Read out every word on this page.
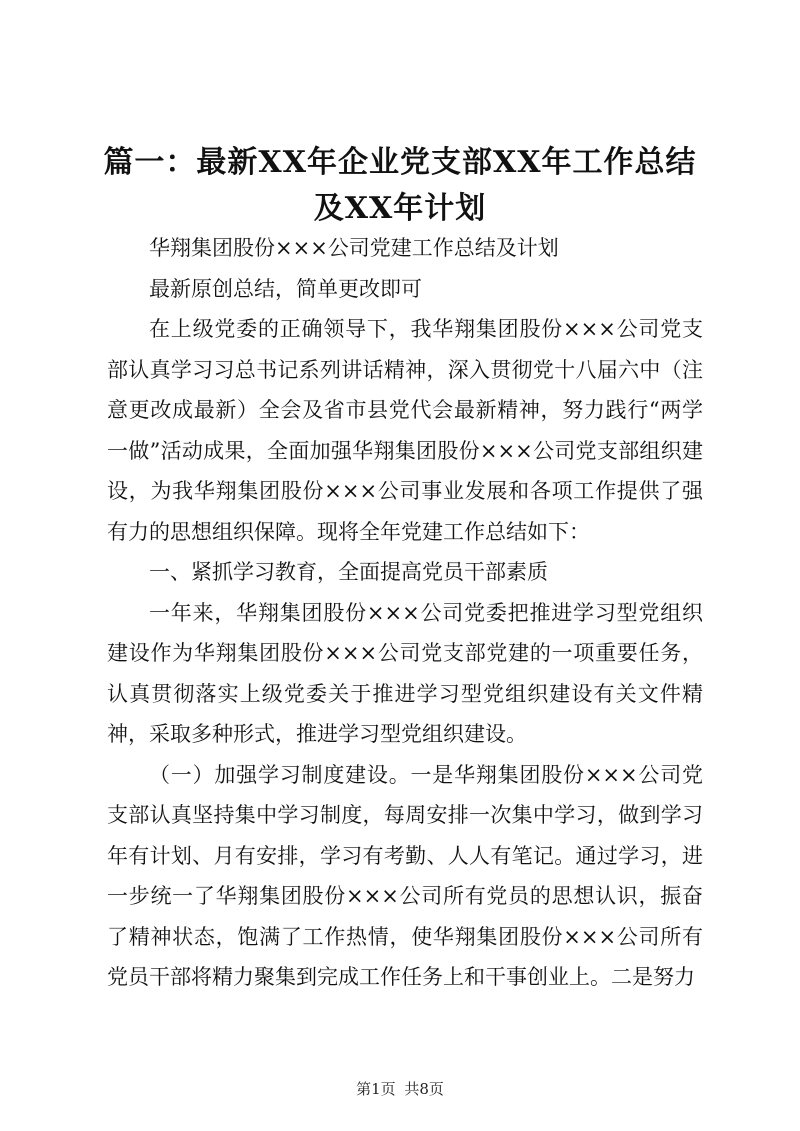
篇一：最新XX年企业党支部XX年工作总结及XX年计划

华翔集团股份×××公司党建工作总结及计划

最新原创总结，简单更改即可

在上级党委的正确领导下，我华翔集团股份×××公司党支部认真学习习总书记系列讲话精神，深入贯彻党十八届六中（注意更改成最新）全会及省市县党代会最新精神，努力践行“两学一做”活动成果，全面加强华翔集团股份×××公司党支部组织建设，为我华翔集团股份×××公司事业发展和各项工作提供了强有力的思想组织保障。现将全年党建工作总结如下：

一、紧抓学习教育，全面提高党员干部素质

一年来，华翔集团股份×××公司党委把推进学习型党组织建设作为华翔集团股份×××公司党支部党建的一项重要任务，认真贯彻落实上级党委关于推进学习型党组织建设有关文件精神，采取多种形式，推进学习型党组织建设。

（一）加强学习制度建设。一是华翔集团股份×××公司党支部认真坚持集中学习制度，每周安排一次集中学习，做到学习年有计划、月有安排，学习有考勤、人人有笔记。通过学习，进一步统一了华翔集团股份×××公司所有党员的思想认识，振奋了精神状态，饱满了工作热情，使华翔集团股份×××公司所有党员干部将精力聚集到完成工作任务上和干事创业上。二是努力

第1页 共8页
